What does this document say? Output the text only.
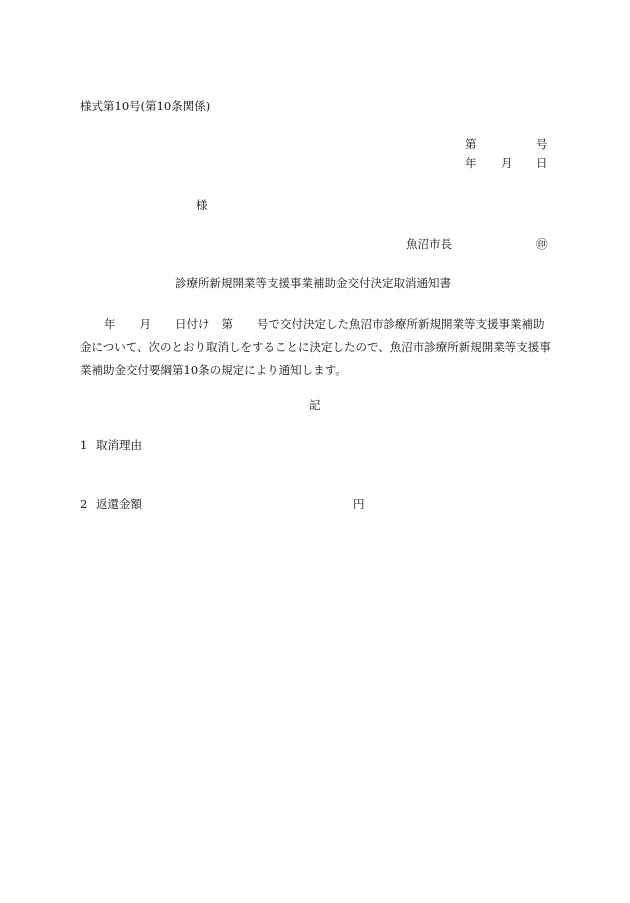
様式第10号(第10条関係)
第	号
年 月 日
様
魚沼市長	㊞
診療所新規開業等支援事業補助金交付決定取消通知書
年 月 日付け 第 号で交付決定した魚沼市診療所新規開業等支援事業補助
金について、次のとおり取消しをすることに決定したので、魚沼市診療所新規開業等支援事
業補助金交付要綱第10条の規定により通知します。
記
1 取消理由
2 返還金額	円
